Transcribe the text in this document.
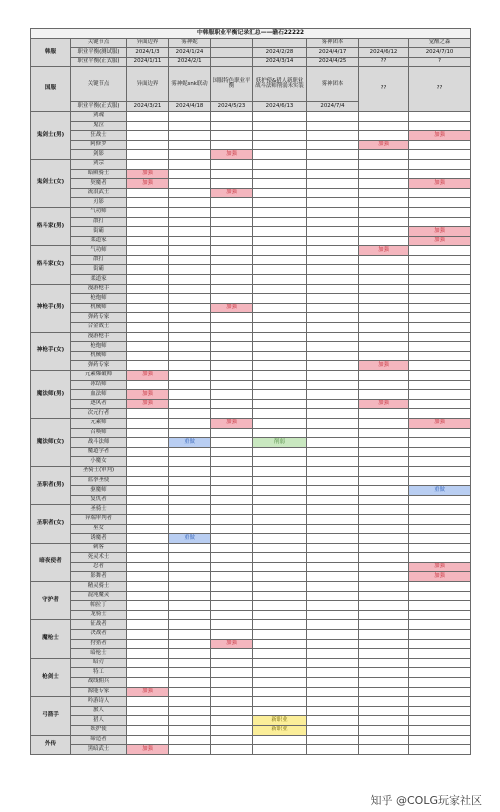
中韩服职业平衡记录汇总——礁石22222								
韩服	关键节点	异面边界	雾神妮			雾神团本		觉醒之森
	职业平衡(测试服)	2024/1/3	2024/1/24		2024/2/28	2024/4/17	2024/6/12	2024/7/10
	职业平衡(正式服)	2024/1/11	2024/2/1		2024/3/14	2024/4/25	??	?
国服	关键节点	异面边界	雾神妮snk联动	国服特色职业平衡	妖护使&猎人新职业 战斗法师削弱未实装	雾神团本	??	??
	职业平衡(正式服)	2024/3/21	2024/4/18	2024/5/23	2024/6/13	2024/7/4		
鬼剑士(男)	剑魂							
	鬼泣							
	狂战士							加强
	阿修罗						加强	
	剑影			加强				
鬼剑士(女)	剑宗							
	暗殿骑士	加强						
	契魔者	加强						加强
	流浪武士			加强				
	刃影							
格斗家(男)	气功师							
	散打							
	街霸							加强
	柔道家							加强
格斗家(女)	气功师						加强	
	散打							
	街霸							
	柔道家							
神枪手(男)	漫游枪手							
	枪炮师							
	机械师			加强				
	弹药专家							
	合金战士							
神枪手(女)	漫游枪手							
	枪炮师							
	机械师							
	弹药专家						加强	
魔法师(男)	元素爆破师	加强						
	冰结师							
	血法师	加强						
	逐风者	加强					加强	
	次元行者							
魔法师(女)	元素师			加强				加强
	召唤师							
	战斗法师		重做		削弱			
	魔道学者							
	小魔女							
圣职者(男)	圣骑士(审判)							
	蓝拳圣使							
	驱魔师							重做
	复仇者							
圣职者(女)	圣骑士							
	异端审判者							
	巫女							
	诱魔者		重做					
暗夜使者	刺客							
	死灵术士							
	忍者							加强
	影舞者							加强
守护者	精灵骑士							
	混沌魔灵							
	帕拉丁							
	龙骑士							
魔枪士	征战者							
	决战者							
	狩猎者			加强				
	暗枪士							
枪剑士	暗刃							
	特工							
	战线佣兵							
	源能专家	加强						
弓箭手	吟游诗人							
	旅人							
	猎人				新职业			
	妖护使				新职业			
外传	缔造者							
	黑暗武士	加强						
知乎 @COLG玩家社区
